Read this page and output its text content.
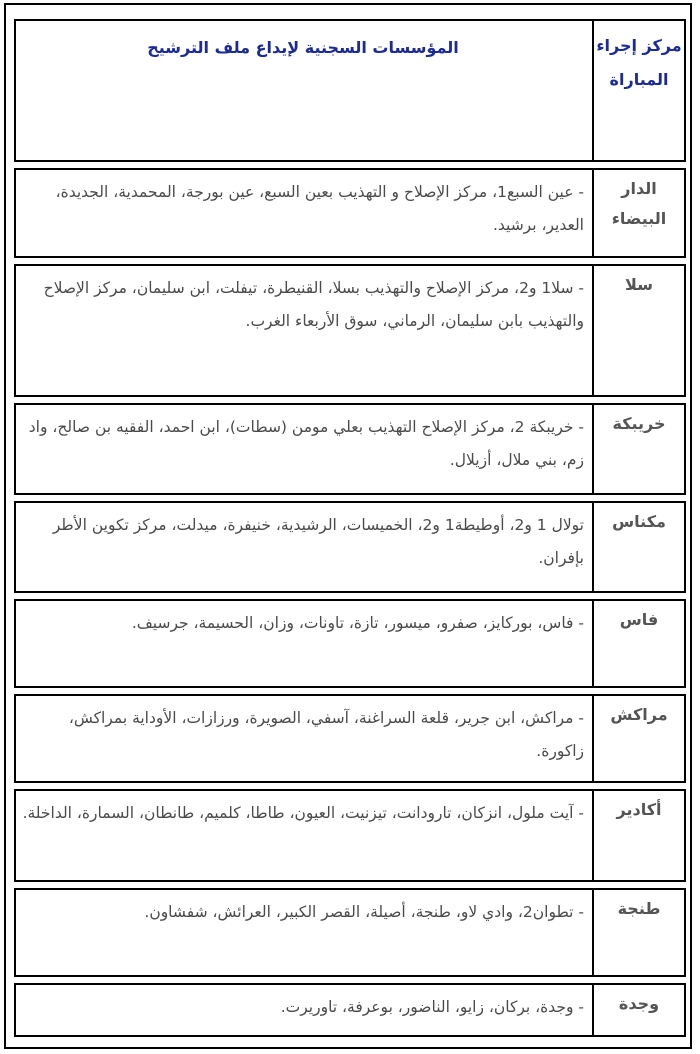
مركز إجراء المباراة	المؤسسات السجنية لإيداع ملف الترشيح
الدار البيضاء	- عين السبع1، مركز الإصلاح و التهذيب بعين السبع، عين بورجة، المحمدية، الجديدة، العدير، برشيد.
سلا	- سلا1 و2، مركز الإصلاح والتهذيب بسلا، القنيطرة، تيفلت، ابن سليمان، مركز الإصلاح والتهذيب بابن سليمان، الرماني، سوق الأربعاء الغرب.
خريبكة	- خريبكة 2، مركز الإصلاح التهذيب بعلي مومن (سطات)، ابن احمد، الفقيه بن صالح، واد زم، بني ملال، أزيلال.
مكناس	تولال 1 و2، أوطيطة1 و2، الخميسات، الرشيدية، خنيفرة، ميدلت، مركز تكوين الأطر بإفران.
فاس	- فاس، بوركايز، صفرو، ميسور، تازة، تاونات، وزان، الحسيمة، جرسيف.
مراكش	- مراكش، ابن جرير، قلعة السراغنة، آسفي، الصويرة، ورزازات، الأوداية بمراكش، زاكورة.
أكادير	- آيت ملول، انزكان، تارودانت، تيزنيت، العيون، طاطا، كلميم، طانطان، السمارة، الداخلة.
طنجة	- تطوان2، وادي لاو، طنجة، أصيلة، القصر الكبير، العرائش، شفشاون.
وجدة	- وجدة، بركان، زايو، الناضور، بوعرفة، تاوريرت.
